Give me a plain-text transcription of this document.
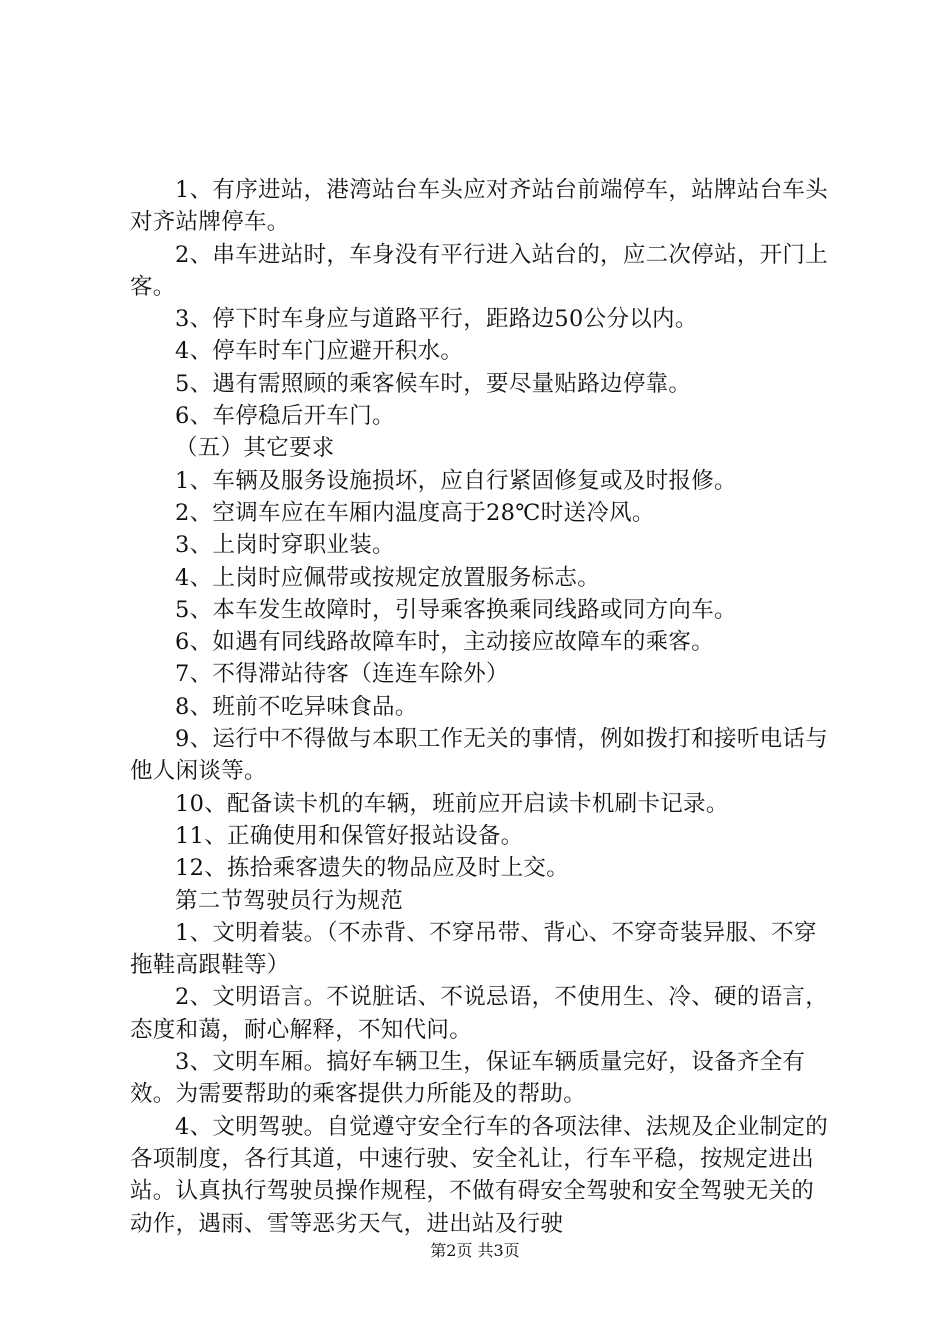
1、有序进站，港湾站台车头应对齐站台前端停车，站牌站台车头对齐站牌停车。

2、串车进站时，车身没有平行进入站台的，应二次停站，开门上客。

3、停下时车身应与道路平行，距路边50公分以内。

4、停车时车门应避开积水。

5、遇有需照顾的乘客候车时，要尽量贴路边停靠。

6、车停稳后开车门。

（五）其它要求

1、车辆及服务设施损坏，应自行紧固修复或及时报修。

2、空调车应在车厢内温度高于28℃时送冷风。

3、上岗时穿职业装。

4、上岗时应佩带或按规定放置服务标志。

5、本车发生故障时，引导乘客换乘同线路或同方向车。

6、如遇有同线路故障车时，主动接应故障车的乘客。

7、不得滞站待客（连连车除外）

8、班前不吃异味食品。

9、运行中不得做与本职工作无关的事情，例如拨打和接听电话与他人闲谈等。

10、配备读卡机的车辆，班前应开启读卡机刷卡记录。

11、正确使用和保管好报站设备。

12、拣拾乘客遗失的物品应及时上交。

第二节驾驶员行为规范

1、文明着装。（不赤背、不穿吊带、背心、不穿奇装异服、不穿拖鞋高跟鞋等）

2、文明语言。不说脏话、不说忌语，不使用生、冷、硬的语言，态度和蔼，耐心解释，不知代问。

3、文明车厢。搞好车辆卫生，保证车辆质量完好，设备齐全有效。为需要帮助的乘客提供力所能及的帮助。

4、文明驾驶。自觉遵守安全行车的各项法律、法规及企业制定的各项制度，各行其道，中速行驶、安全礼让，行车平稳，按规定进出站。认真执行驾驶员操作规程，不做有碍安全驾驶和安全驾驶无关的动作，遇雨、雪等恶劣天气，进出站及行驶

第2页 共3页
